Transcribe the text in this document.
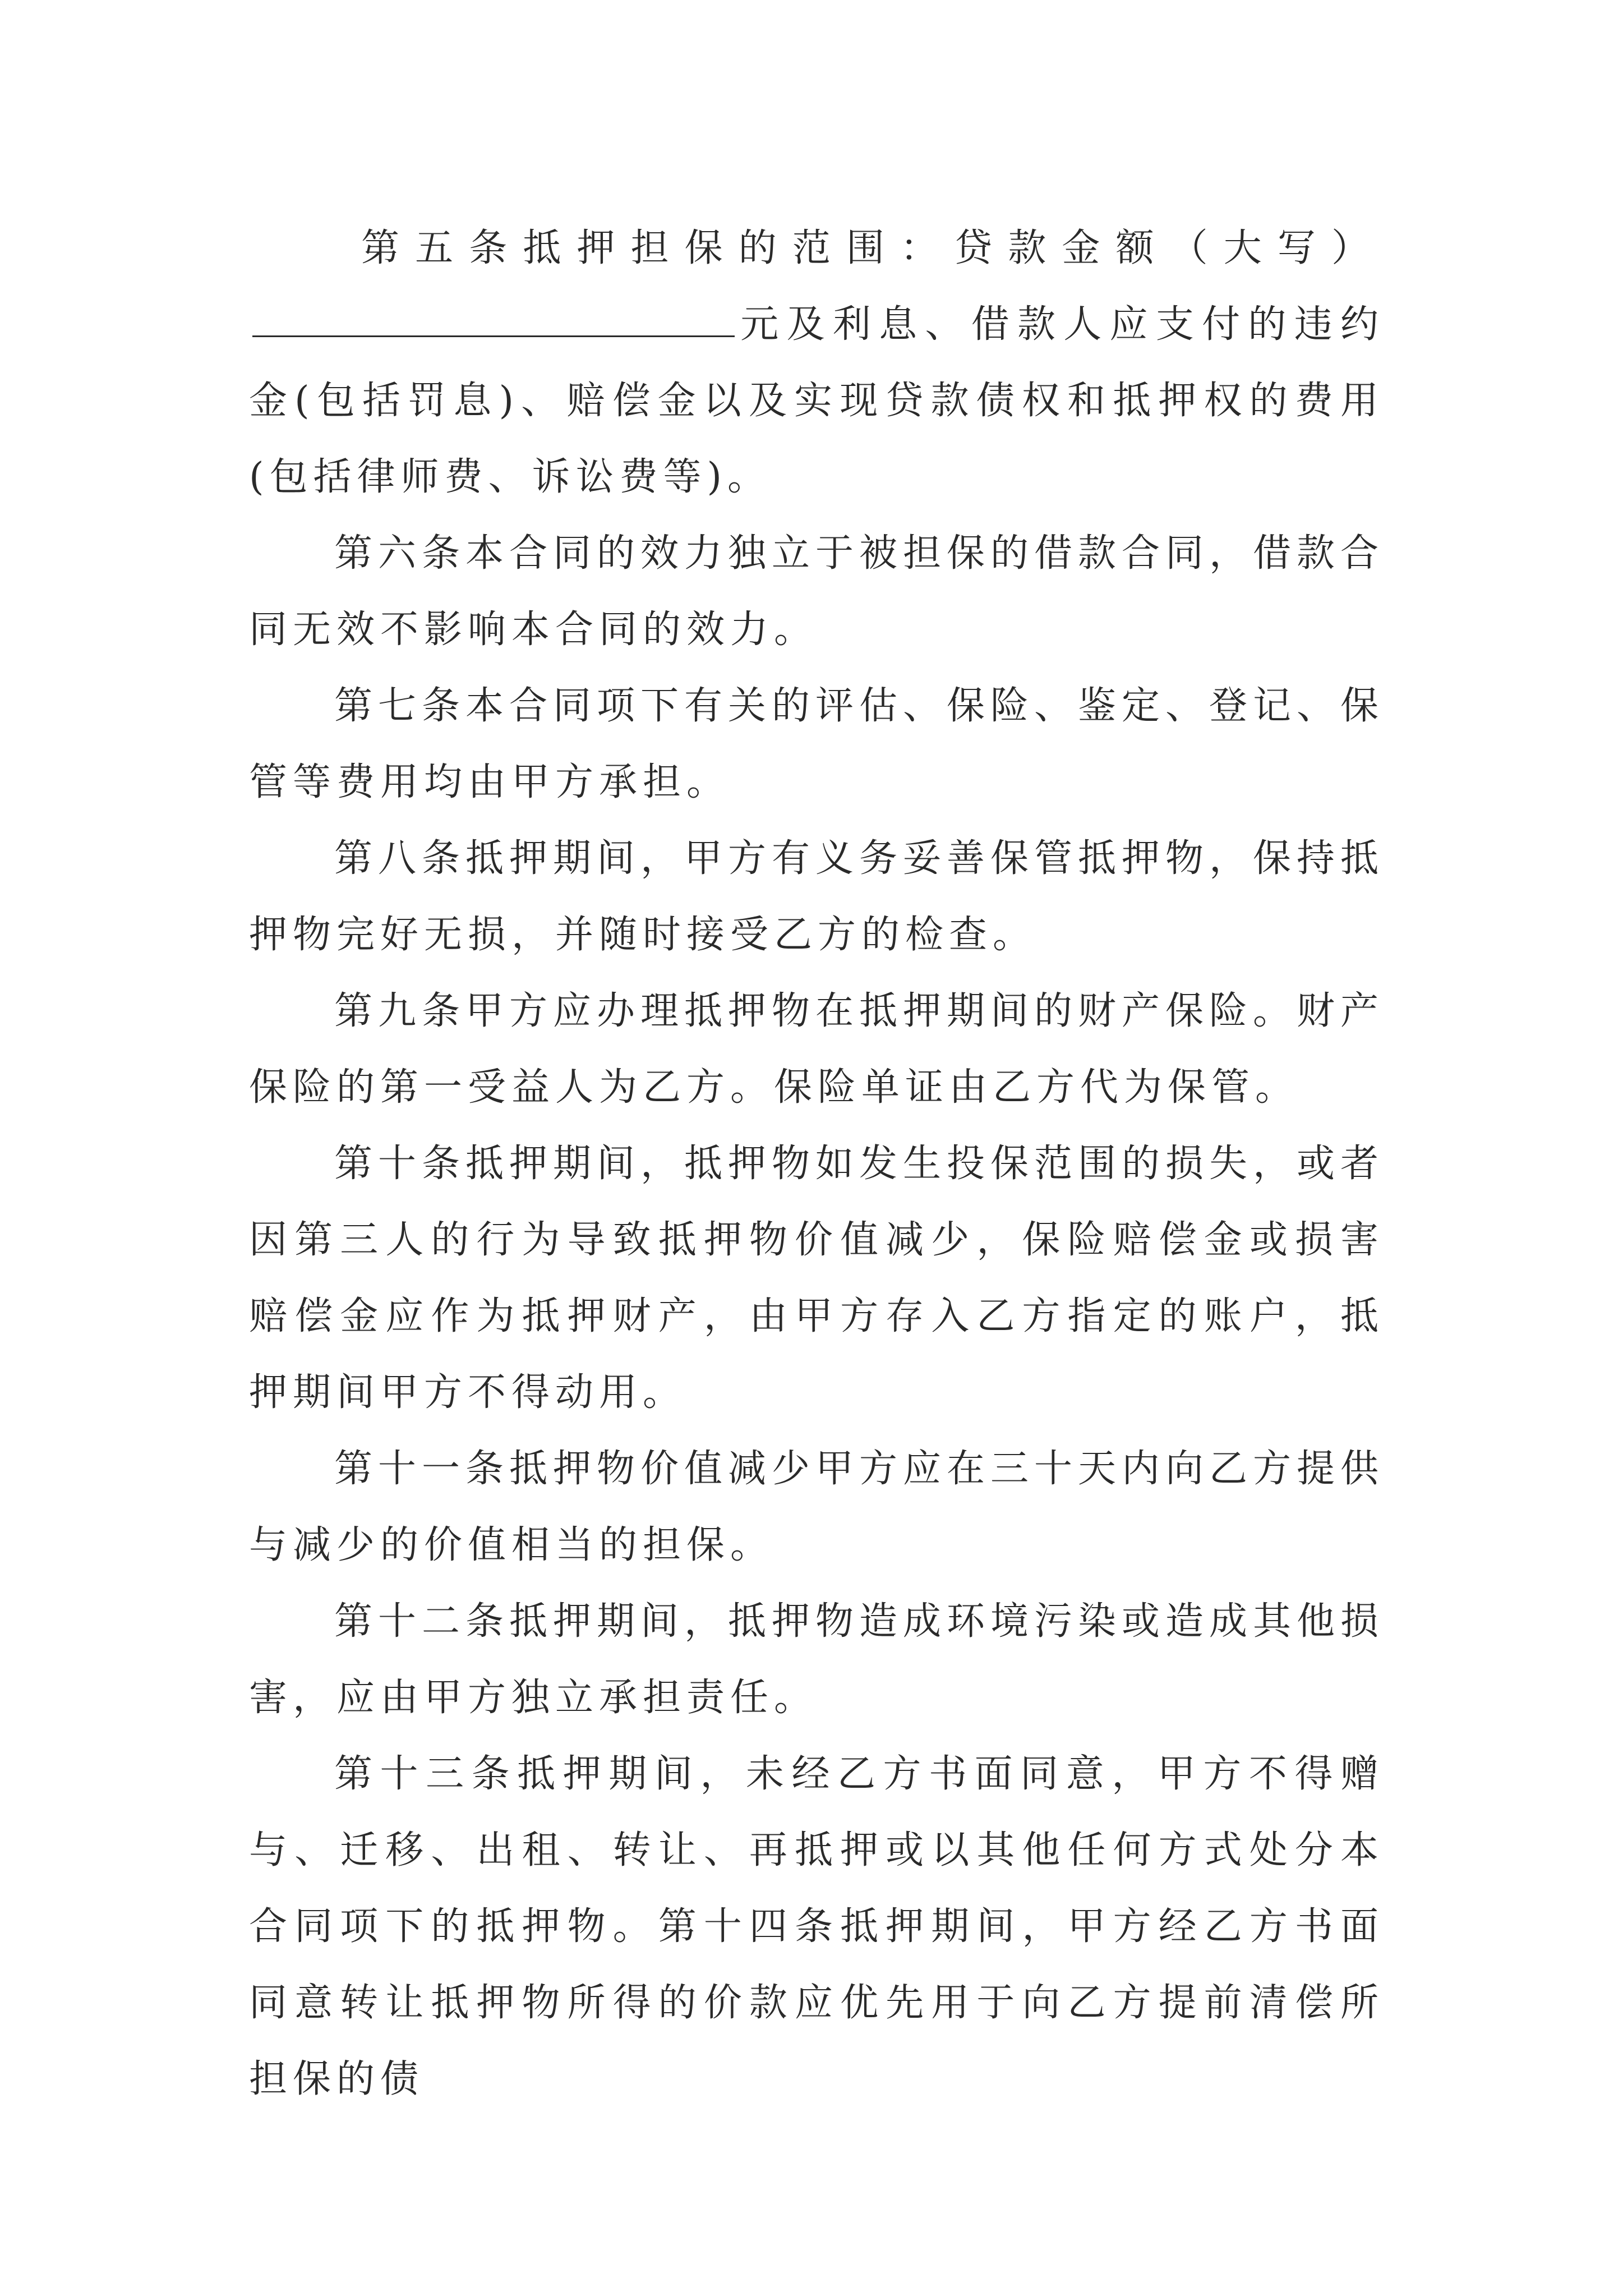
第五条抵押担保的范围：贷款金额（大写）元及利息、借款人应支付的违约金(包括罚息)、赔偿金以及实现贷款债权和抵押权的费用(包括律师费、诉讼费等)。

第六条本合同的效力独立于被担保的借款合同，借款合同无效不影响本合同的效力。

第七条本合同项下有关的评估、保险、鉴定、登记、保管等费用均由甲方承担。

第八条抵押期间，甲方有义务妥善保管抵押物，保持抵押物完好无损，并随时接受乙方的检查。

第九条甲方应办理抵押物在抵押期间的财产保险。财产保险的第一受益人为乙方。保险单证由乙方代为保管。

第十条抵押期间，抵押物如发生投保范围的损失，或者因第三人的行为导致抵押物价值减少，保险赔偿金或损害赔偿金应作为抵押财产，由甲方存入乙方指定的账户，抵押期间甲方不得动用。

第十一条抵押物价值减少甲方应在三十天内向乙方提供与减少的价值相当的担保。

第十二条抵押期间，抵押物造成环境污染或造成其他损害，应由甲方独立承担责任。

第十三条抵押期间，未经乙方书面同意，甲方不得赠与、迁移、出租、转让、再抵押或以其他任何方式处分本合同项下的抵押物。第十四条抵押期间，甲方经乙方书面同意转让抵押物所得的价款应优先用于向乙方提前清偿所担保的债
